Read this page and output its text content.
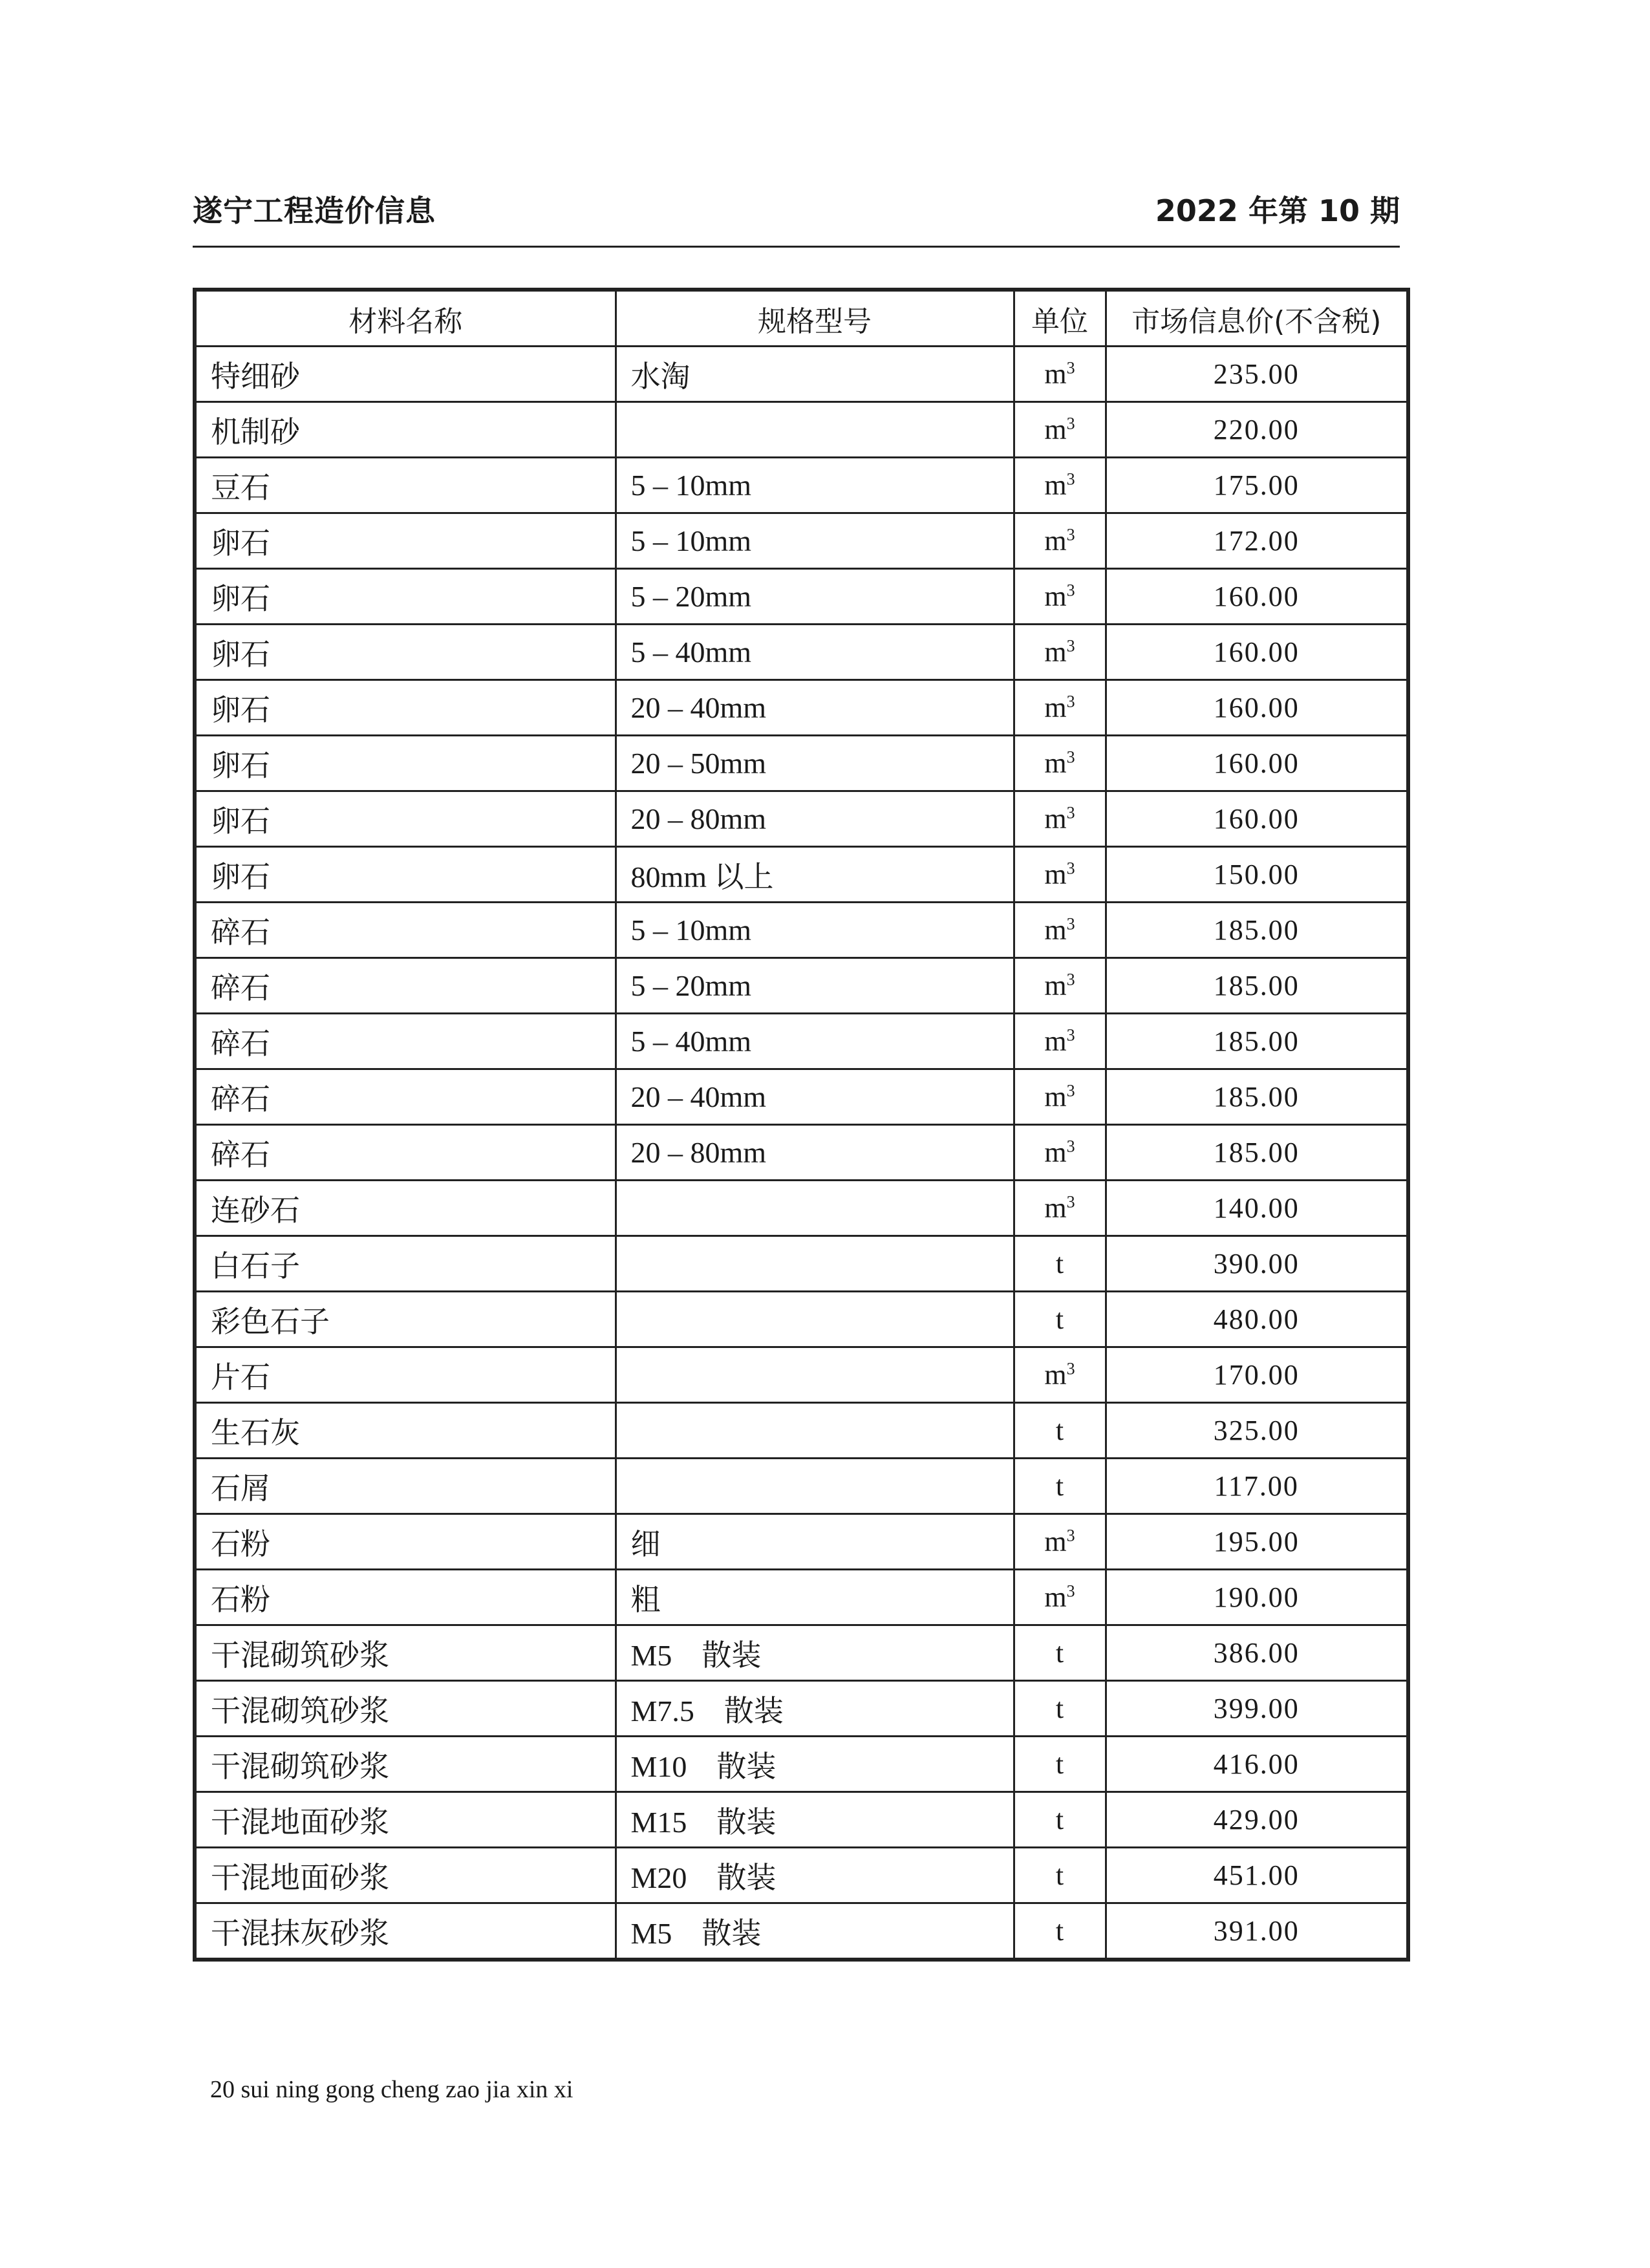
遂宁工程造价信息	2022 年第 10 期
材料名称	规格型号	单位	市场信息价(不含税)
特细砂	水淘	$m^3$	235.00
机制砂		$m^3$	220.00
豆石	5 – 10mm	$m^3$	175.00
卵石	5 – 10mm	$m^3$	172.00
卵石	5 – 20mm	$m^3$	160.00
卵石	5 – 40mm	$m^3$	160.00
卵石	20 – 40mm	$m^3$	160.00
卵石	20 – 50mm	$m^3$	160.00
卵石	20 – 80mm	$m^3$	160.00
卵石	80mm 以上	$m^3$	150.00
碎石	5 – 10mm	$m^3$	185.00
碎石	5 – 20mm	$m^3$	185.00
碎石	5 – 40mm	$m^3$	185.00
碎石	20 – 40mm	$m^3$	185.00
碎石	20 – 80mm	$m^3$	185.00
连砂石		$m^3$	140.00
白石子		t	390.00
彩色石子		t	480.00
片石		$m^3$	170.00
生石灰		t	325.00
石屑		t	117.00
石粉	细	$m^3$	195.00
石粉	粗	$m^3$	190.00
干混砌筑砂浆	M5　散装	t	386.00
干混砌筑砂浆	M7.5　散装	t	399.00
干混砌筑砂浆	M10　散装	t	416.00
干混地面砂浆	M15　散装	t	429.00
干混地面砂浆	M20　散装	t	451.00
干混抹灰砂浆	M5　散装	t	391.00
20 sui ning gong cheng zao jia xin xi
